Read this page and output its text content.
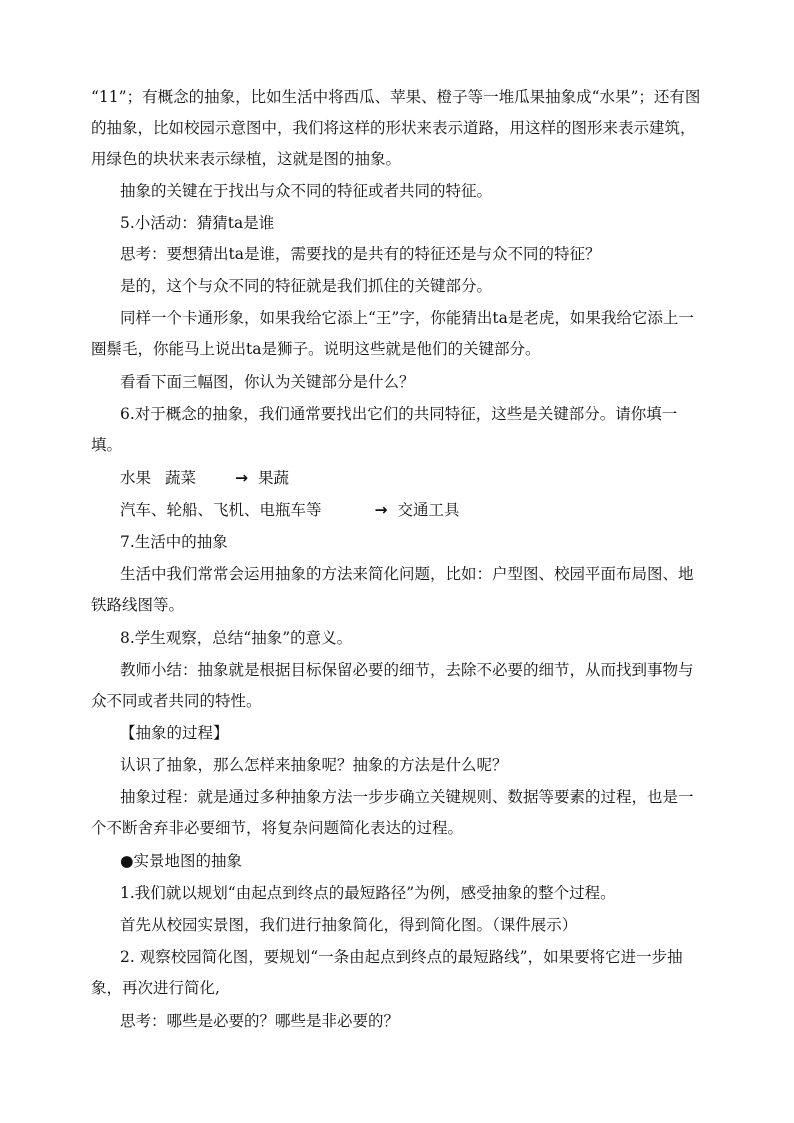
“11”；有概念的抽象，比如生活中将西瓜、苹果、橙子等一堆瓜果抽象成“水果”；还有图的抽象，比如校园示意图中，我们将这样的形状来表示道路，用这样的图形来表示建筑，用绿色的块状来表示绿植，这就是图的抽象。

抽象的关键在于找出与众不同的特征或者共同的特征。

5.小活动：猜猜ta是谁

思考：要想猜出ta是谁，需要找的是共有的特征还是与众不同的特征？

是的，这个与众不同的特征就是我们抓住的关键部分。

同样一个卡通形象，如果我给它添上“王”字，你能猜出ta是老虎，如果我给它添上一圈鬃毛，你能马上说出ta是狮子。说明这些就是他们的关键部分。

看看下面三幅图，你认为关键部分是什么？

6.对于概念的抽象，我们通常要找出它们的共同特征，这些是关键部分。请你填一填。

水果 蔬菜	→ 果蔬

汽车、轮船、飞机、电瓶车等	→ 交通工具

7.生活中的抽象

生活中我们常常会运用抽象的方法来简化问题，比如：户型图、校园平面布局图、地铁路线图等。

8.学生观察，总结“抽象”的意义。

教师小结：抽象就是根据目标保留必要的细节，去除不必要的细节，从而找到事物与众不同或者共同的特性。

【抽象的过程】

认识了抽象，那么怎样来抽象呢？抽象的方法是什么呢？

抽象过程：就是通过多种抽象方法一步步确立关键规则、数据等要素的过程，也是一个不断舍弃非必要细节，将复杂问题简化表达的过程。

●实景地图的抽象

1.我们就以规划“由起点到终点的最短路径”为例，感受抽象的整个过程。

首先从校园实景图，我们进行抽象简化，得到简化图。（课件展示）

2. 观察校园简化图，要规划“一条由起点到终点的最短路线”，如果要将它进一步抽象，再次进行简化,

思考：哪些是必要的？哪些是非必要的？
